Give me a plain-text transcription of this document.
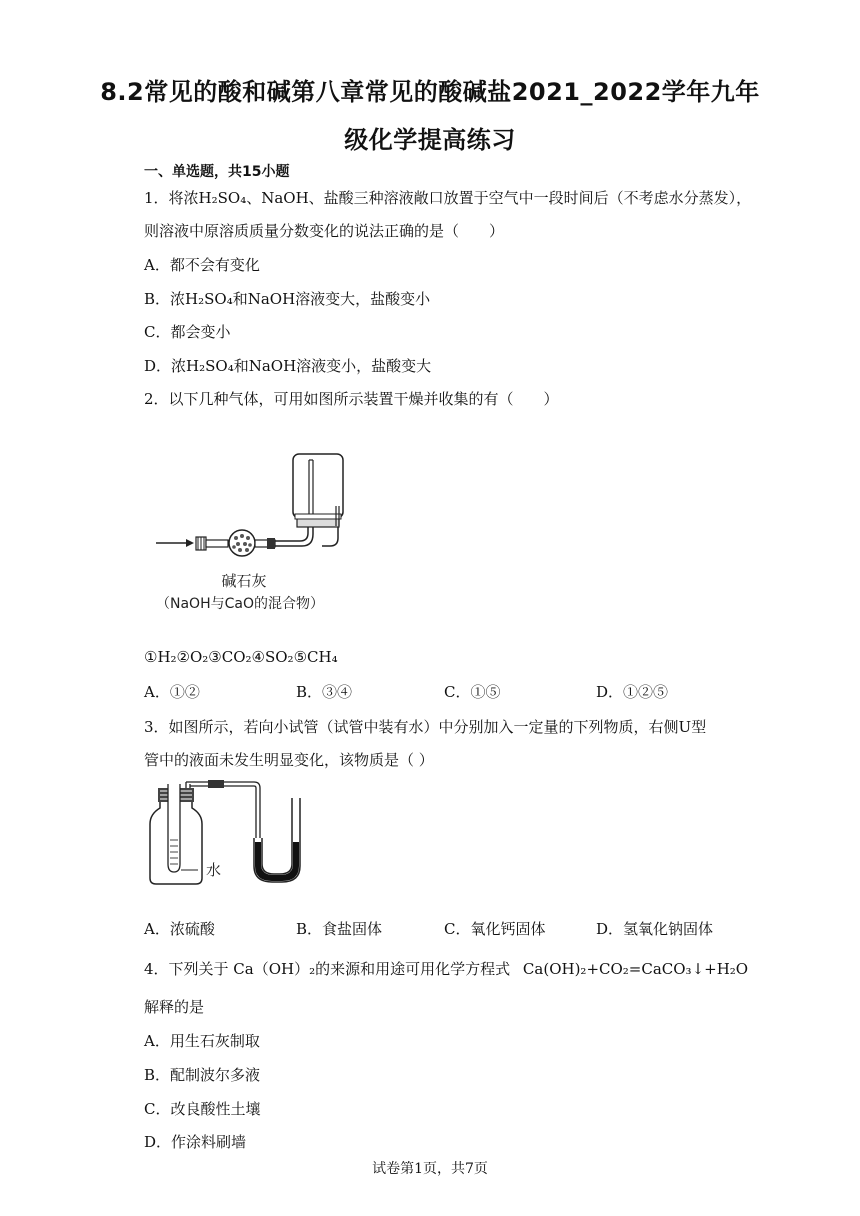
8.2常见的酸和碱第八章常见的酸碱盐2021_2022学年九年
级化学提高练习
一、单选题，共15小题
1．将浓H₂SO₄、NaOH、盐酸三种溶液敞口放置于空气中一段时间后（不考虑水分蒸发），
则溶液中原溶质质量分数变化的说法正确的是（　　）
A．都不会有变化
B．浓H₂SO₄和NaOH溶液变大，盐酸变小
C．都会变小
D．浓H₂SO₄和NaOH溶液变小，盐酸变大
2．以下几种气体，可用如图所示装置干燥并收集的有（　　）
碱石灰
（NaOH与CaO的混合物）
①H₂②O₂③CO₂④SO₂⑤CH₄
A．①②	B．③④	C．①⑤	D．①②⑤
3．如图所示，若向小试管（试管中装有水）中分别加入一定量的下列物质，右侧U型
管中的液面未发生明显变化，该物质是（ ）
水
A．浓硫酸	B．食盐固体	C．氧化钙固体	D．氢氧化钠固体
4．下列关于 Ca（OH）₂的来源和用途可用化学方程式 Ca(OH)₂+CO₂=CaCO₃↓+H₂O
解释的是
A．用生石灰制取
B．配制波尔多液
C．改良酸性土壤
D．作涂料刷墙
试卷第1页，共7页
